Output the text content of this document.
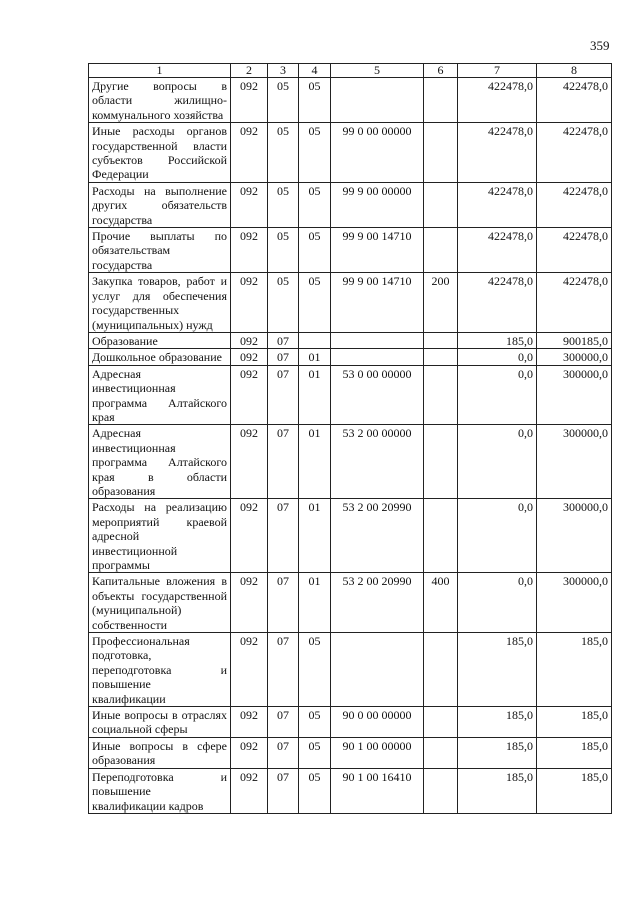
359
1	2	3	4	5	6	7	8
Другие вопросы в области жилищно-коммунального хозяйства	092	05	05			422478,0	422478,0
Иные расходы органов государственной власти субъектов Российской Федерации	092	05	05	99 0 00 00000		422478,0	422478,0
Расходы на выполнение других обязательств государства	092	05	05	99 9 00 00000		422478,0	422478,0
Прочие выплаты по обязательствам государства	092	05	05	99 9 00 14710		422478,0	422478,0
Закупка товаров, работ и услуг для обеспечения государственных (муниципальных) нужд	092	05	05	99 9 00 14710	200	422478,0	422478,0
Образование	092	07				185,0	900185,0
Дошкольное образование	092	07	01			0,0	300000,0
Адресная инвестиционная программа Алтайского края	092	07	01	53 0 00 00000		0,0	300000,0
Адресная инвестиционная программа Алтайского края в области образования	092	07	01	53 2 00 00000		0,0	300000,0
Расходы на реализацию мероприятий краевой адресной инвестиционной программы	092	07	01	53 2 00 20990		0,0	300000,0
Капитальные вложения в объекты государственной (муниципальной) собственности	092	07	01	53 2 00 20990	400	0,0	300000,0
Профессиональная подготовка, переподготовка и повышение квалификации	092	07	05			185,0	185,0
Иные вопросы в отраслях социальной сферы	092	07	05	90 0 00 00000		185,0	185,0
Иные вопросы в сфере образования	092	07	05	90 1 00 00000		185,0	185,0
Переподготовка и повышение квалификации кадров	092	07	05	90 1 00 16410		185,0	185,0
